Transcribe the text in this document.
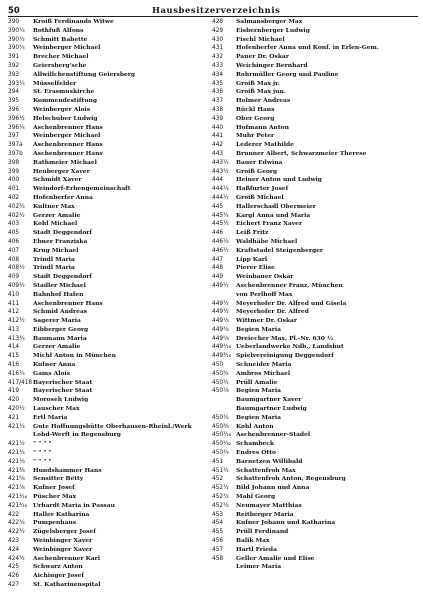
50	Hausbesitzerverzeichnis
390	Kroiß Ferdinands Witwe
390¼	Rothfuß Alfons
390½	Schmitt Babette
390¾	Weinberger Michael
391	Brecher Michael
392	Geiersberg'sche
393	Allwillchenstiftung Geiersberg
393¼	Müsselfelder
394	St. Erasmuskirche
395	Kommendestiftung
396	Weinberger Alois
396½	Helschuber Ludwig
396¾	Aschenbrenner Hans
397	Weinberger Michael
397a	Aschenbrenner Hans
397b	Aschenbrenner Hans
398	Rathmeier Michael
399	Heuberger Xaver
400	Schmidt Xaver
401	Weindorf-Erbengemeinschaft
402	Hofenberfer Anna
402¼	Kultner Max
402½	Gerzer Amalie
403	Kohl Michael
405	Stadt Deggendorf
406	Ebner Franziska
407	Krug Michael
408	Trindl Maria
408½	Trindl Maria
409	Stadt Deggendorf
409½	Stadler Michael
410	Bahnhof Hafen
411	Aschenbrenner Hans
412	Schmid Andreas
412½	Sagerer Maria
413	Eibberger Georg
413¾	Baumann Maria
414	Gerzer Amalie
415	Michl Anton in München
416	Kufner Anna
416¼	Gams Alois
417/418 Bayerischer Staat
419	Bayerischer Staat
420	Moroseh Ludwig
420½	Lauscher Max
421	Ertl Maria
421¼	Gute Hoffnungshütte Oberhausen-Rheinl./Werk
Lohd-Werft in Regensburg
421½	" " " "
421¾	" " " "
421⅛	" " " "
421⅜	Hundshammer Hans
421⅝	Sensitter Betty
421⅞	Kufner Josef
421¹⁄₁₆	Püscher Max
421³⁄₁₆	Urhardt Maria in Passau
422	Haller Katharina
422¼	Pumpenhaus
422½	Zügelsberger Josef
423	Weinbinger Xaver
424	Weinbinger Xaver
424½	Aschenbrenner Karl
425	Schwarz Anton
426	Aichinger Josef
427	St. Katharinenspital
428	Salmansberger Max
429	Eisbernberger Ludwig
430	Fischl Michael
431	Hofenberfer Anna und Konf. in Erlen-Gem.
432	Pauer Dr. Oskar
433	Weichinger Bernhard
434	Rohrmüller Georg und Pauline
435	Groiß Max jr.
436	Groiß Max jun.
437	Holmer Andreas
438	Rückl Hans
439	Ober Georg
440	Hofmann Anton
441	Muhr Peter
442	Lederer Mathilde
443	Brunner Albert, Schwarzmeier Therese
443¼	Bauer Edwina
443½	Groiß Georg
444	Heiner Anton und Ludwig
444¼	Haßfurter Josef
444½	Groiß Michael
445	Hallerschadl Obermeier
445¼	Kargl Anna und Maria
445½	Eichert Franz Xaver
446	Leiß Fritz
446¼	Waldhäbe Michael
446½	Kraftstadel Steigenberger
447	Lipp Karl
448	Pierer Elise
449	Weinbauer Oskar
449½	Aschenbrenner Franz, München
von Perlhoff Max
449½	Meyerhofer Dr. Alfred und Gisela
449½	Meyerhofer Dr. Alfred
449⅛	Wittmer Dr. Oskar
449⅜	Begien Maria
449⅝	Dreiecher Max, Pl.-Nr. 630 ½
449¹⁄₁₆ Ueberlandwerke Ndb., Landshut
449³⁄₁₆ Spielvereinigung Deggendorf
450	Schneider Maria
450¼	Ambros Michael
450½	Prüll Amalie
450⅛	Begien Maria
Baumgartner Xaver
Baumgartner Ludwig
450¾	Begien Maria
450⅜	Kohl Anton
450¹⁄₁₆ Aschenbrenner-Stadel
450¹⁄₃₂ Schambeck
450¾	Endres Otto
451	Barnetzen Willibald
451½	Schattenfroh Max
452	Schattenfroh Anton, Regensburg
452½	Bild Johann und Anna
452¾	Mahl Georg
452½	Neumayer Matthias
453	Reitberger Maria
454	Kufner Johann und Katharina
455	Prüll Ferdinand
456	Balik Max
457	Hartl Frieda
458	Geller Amalie und Elise
Leimer Maria
